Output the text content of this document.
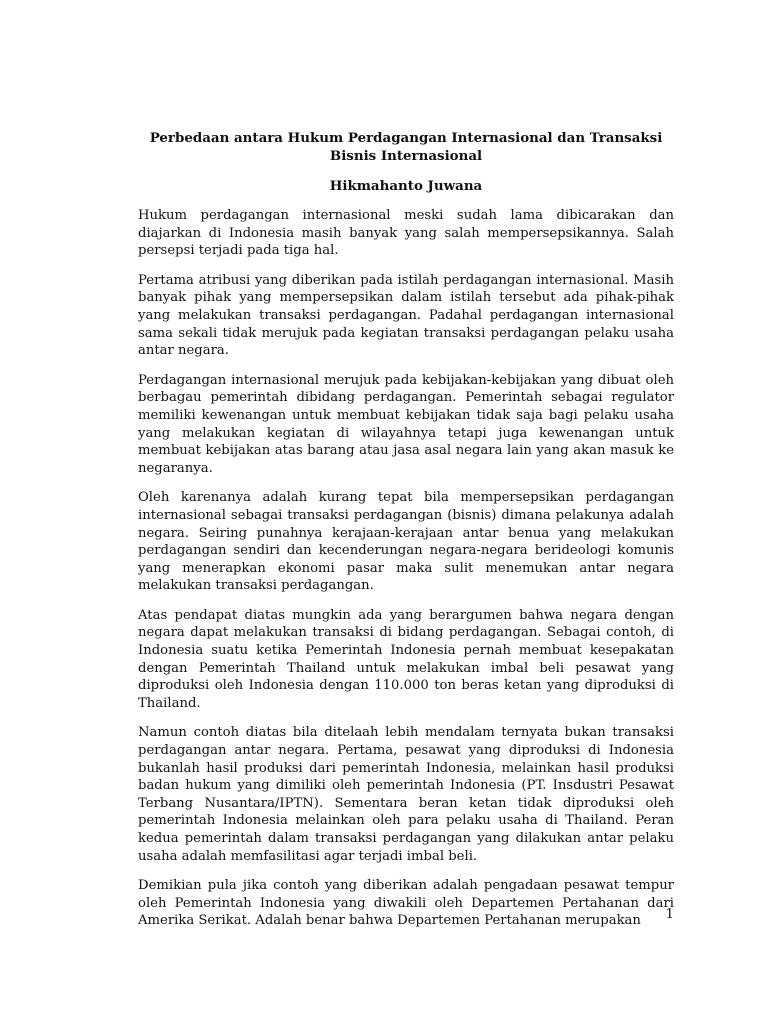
Perbedaan antara Hukum Perdagangan Internasional dan Transaksi Bisnis Internasional

Hikmahanto Juwana

Hukum perdagangan internasional meski sudah lama dibicarakan dan diajarkan di Indonesia masih banyak yang salah mempersepsikannya. Salah persepsi terjadi pada tiga hal.

Pertama atribusi yang diberikan pada istilah perdagangan internasional. Masih banyak pihak yang mempersepsikan dalam istilah tersebut ada pihak-pihak yang melakukan transaksi perdagangan. Padahal perdagangan internasional sama sekali tidak merujuk pada kegiatan transaksi perdagangan pelaku usaha antar negara.

Perdagangan internasional merujuk pada kebijakan-kebijakan yang dibuat oleh berbagau pemerintah dibidang perdagangan. Pemerintah sebagai regulator memiliki kewenangan untuk membuat kebijakan tidak saja bagi pelaku usaha yang melakukan kegiatan di wilayahnya tetapi juga kewenangan untuk membuat kebijakan atas barang atau jasa asal negara lain yang akan masuk ke negaranya.

Oleh karenanya adalah kurang tepat bila mempersepsikan perdagangan internasional sebagai transaksi perdagangan (bisnis) dimana pelakunya adalah negara. Seiring punahnya kerajaan-kerajaan antar benua yang melakukan perdagangan sendiri dan kecenderungan negara-negara berideologi komunis yang menerapkan ekonomi pasar maka sulit menemukan antar negara melakukan transaksi perdagangan.

Atas pendapat diatas mungkin ada yang berargumen bahwa negara dengan negara dapat melakukan transaksi di bidang perdagangan. Sebagai contoh, di Indonesia suatu ketika Pemerintah Indonesia pernah membuat kesepakatan dengan Pemerintah Thailand untuk melakukan imbal beli pesawat yang diproduksi oleh Indonesia dengan 110.000 ton beras ketan yang diproduksi di Thailand.

Namun contoh diatas bila ditelaah lebih mendalam ternyata bukan transaksi perdagangan antar negara. Pertama, pesawat yang diproduksi di Indonesia bukanlah hasil produksi dari pemerintah Indonesia, melainkan hasil produksi badan hukum yang dimiliki oleh pemerintah Indonesia (PT. Insdustri Pesawat Terbang Nusantara/IPTN). Sementara beran ketan tidak diproduksi oleh pemerintah Indonesia melainkan oleh para pelaku usaha di Thailand. Peran kedua pemerintah dalam transaksi perdagangan yang dilakukan antar pelaku usaha adalah memfasilitasi agar terjadi imbal beli.

Demikian pula jika contoh yang diberikan adalah pengadaan pesawat tempur oleh Pemerintah Indonesia yang diwakili oleh Departemen Pertahanan dari Amerika Serikat. Adalah benar bahwa Departemen Pertahanan merupakan	1
